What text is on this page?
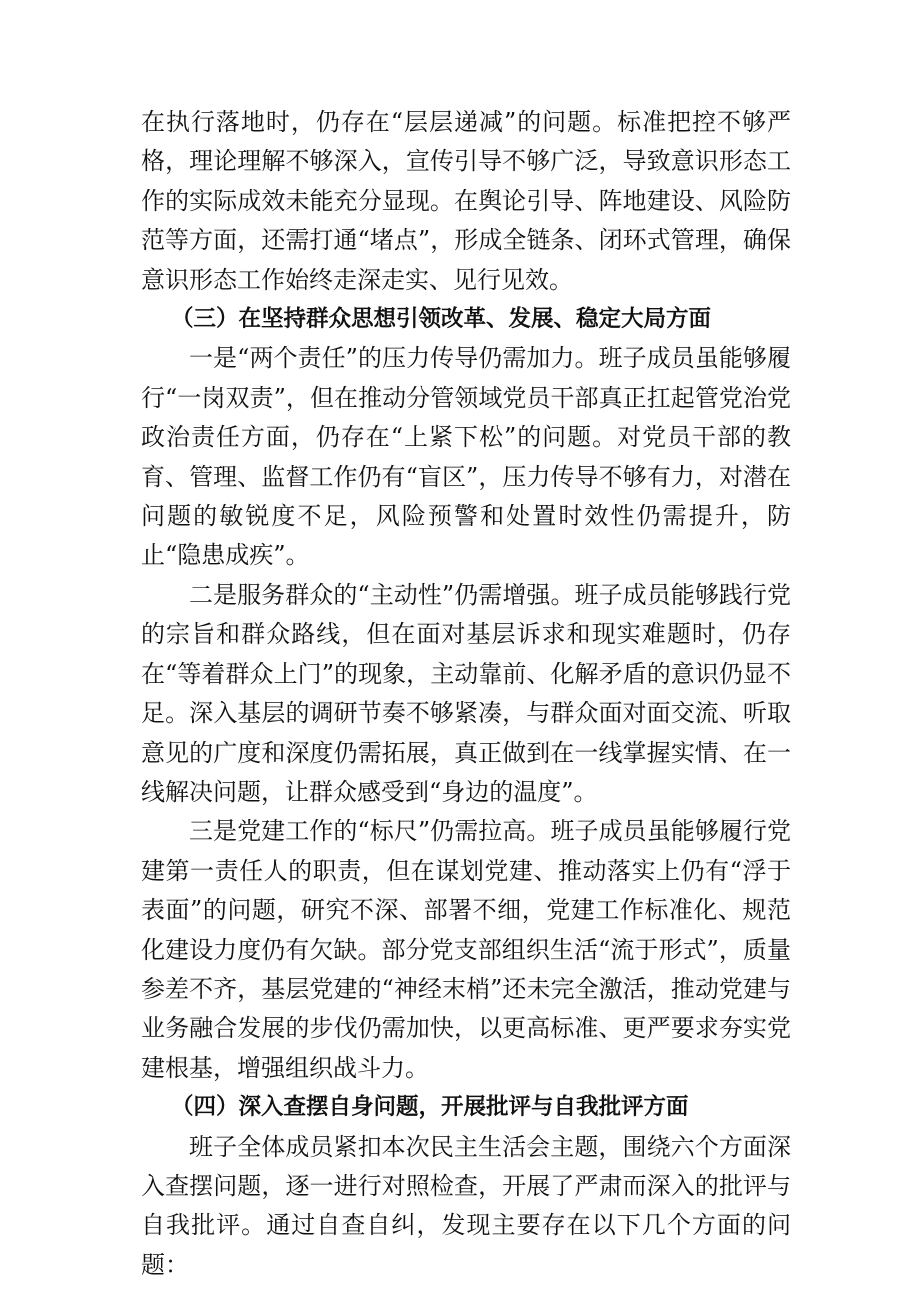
在执行落地时，仍存在“层层递减”的问题。标准把控不够严格，理论理解不够深入，宣传引导不够广泛，导致意识形态工作的实际成效未能充分显现。在舆论引导、阵地建设、风险防范等方面，还需打通“堵点”，形成全链条、闭环式管理，确保意识形态工作始终走深走实、见行见效。

（三）在坚持群众思想引领改革、发展、稳定大局方面

一是“两个责任”的压力传导仍需加力。班子成员虽能够履行“一岗双责”，但在推动分管领域党员干部真正扛起管党治党政治责任方面，仍存在“上紧下松”的问题。对党员干部的教育、管理、监督工作仍有“盲区”，压力传导不够有力，对潜在问题的敏锐度不足，风险预警和处置时效性仍需提升，防止“隐患成疾”。

二是服务群众的“主动性”仍需增强。班子成员能够践行党的宗旨和群众路线，但在面对基层诉求和现实难题时，仍存在“等着群众上门”的现象，主动靠前、化解矛盾的意识仍显不足。深入基层的调研节奏不够紧凑，与群众面对面交流、听取意见的广度和深度仍需拓展，真正做到在一线掌握实情、在一线解决问题，让群众感受到“身边的温度”。

三是党建工作的“标尺”仍需拉高。班子成员虽能够履行党建第一责任人的职责，但在谋划党建、推动落实上仍有“浮于表面”的问题，研究不深、部署不细，党建工作标准化、规范化建设力度仍有欠缺。部分党支部组织生活“流于形式”，质量参差不齐，基层党建的“神经末梢”还未完全激活，推动党建与业务融合发展的步伐仍需加快，以更高标准、更严要求夯实党建根基，增强组织战斗力。

（四）深入查摆自身问题，开展批评与自我批评方面

班子全体成员紧扣本次民主生活会主题，围绕六个方面深入查摆问题，逐一进行对照检查，开展了严肃而深入的批评与自我批评。通过自查自纠，发现主要存在以下几个方面的问题：
